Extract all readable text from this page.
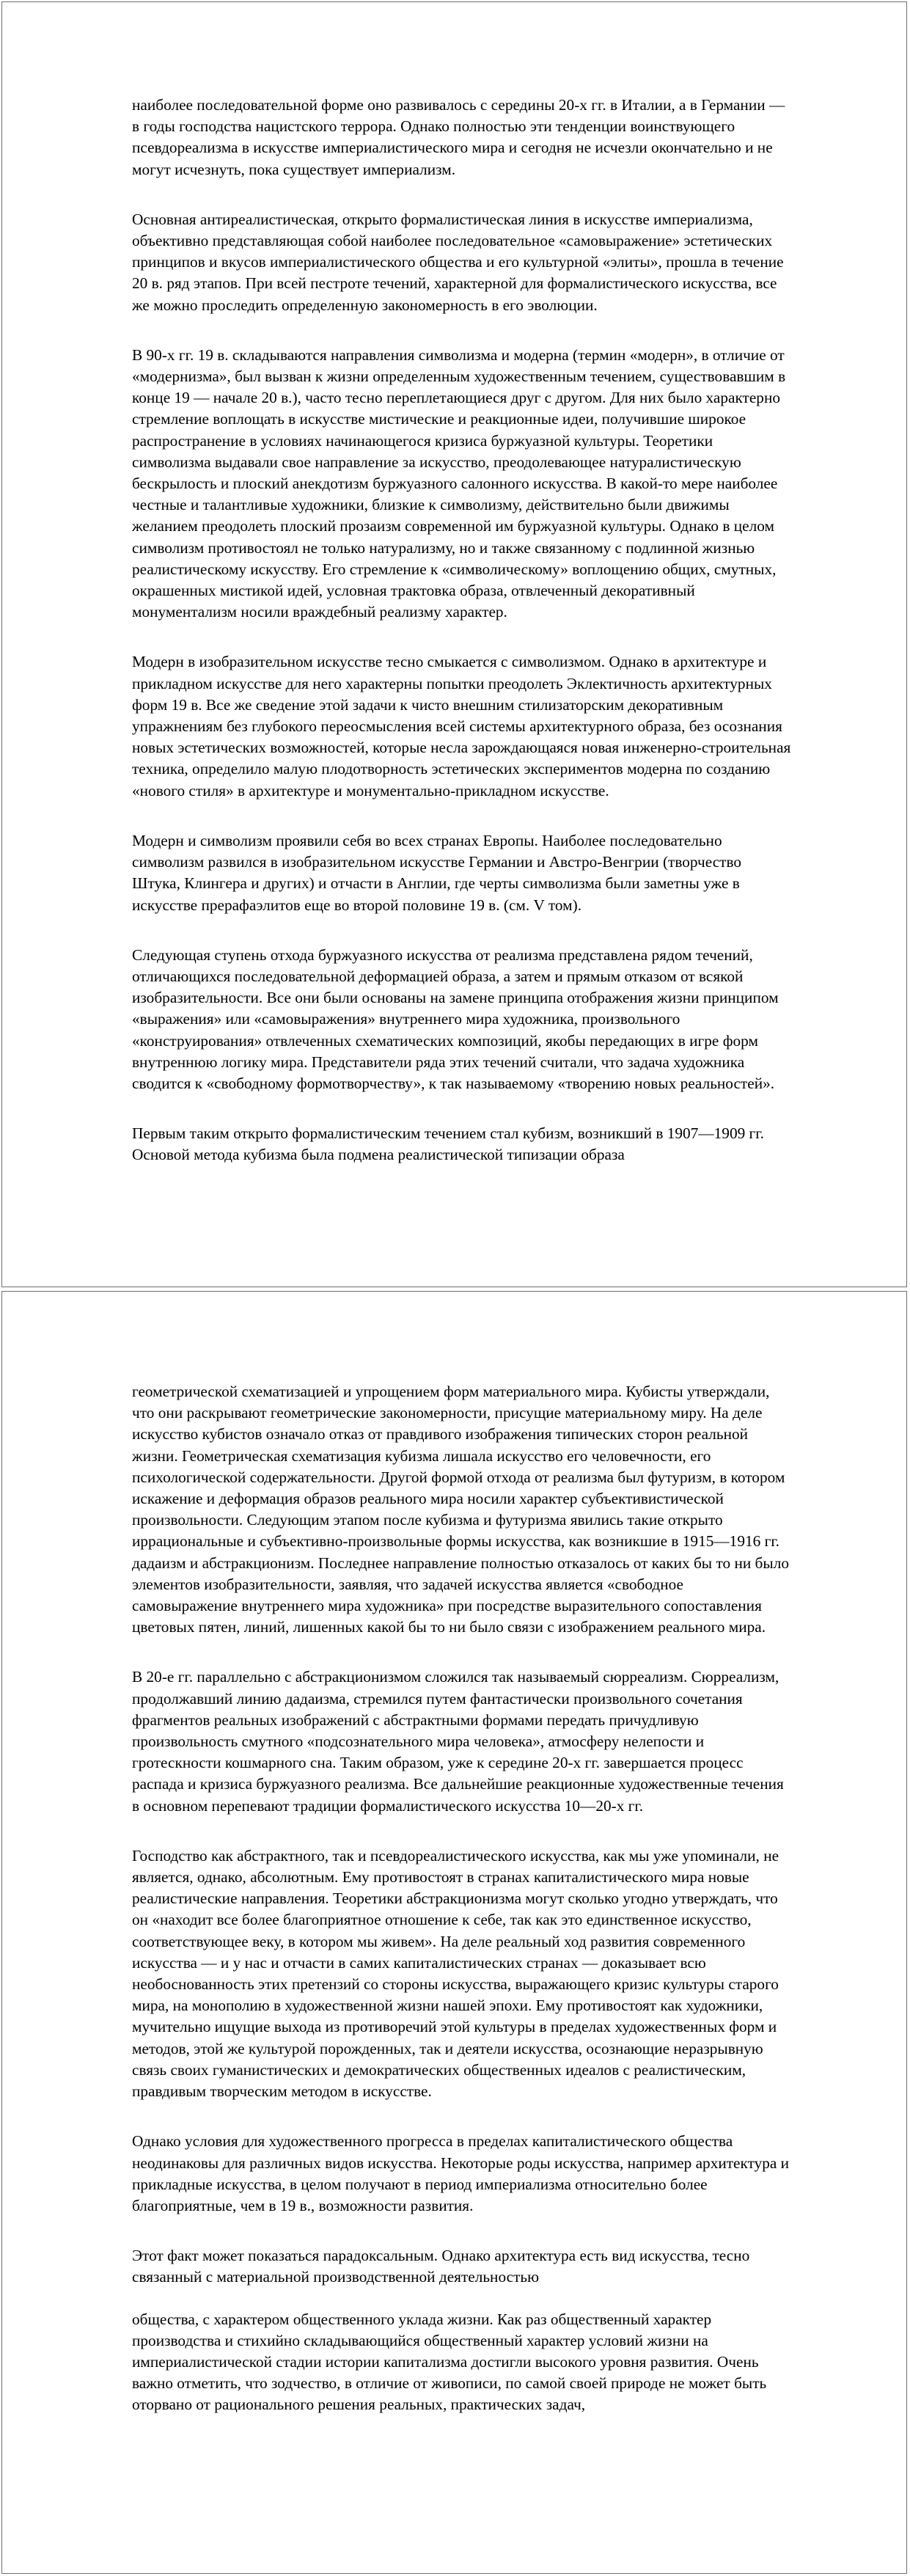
наиболее последовательной форме оно развивалось с середины 20-х гг. в Италии, а в Германии — в годы господства нацистского террора. Однако полностью эти тенденции воинствующего псевдореализма в искусстве империалистического мира и сегодня не исчезли окончательно и не могут исчезнуть, пока существует империализм.

Основная антиреалистическая, открыто формалистическая линия в искусстве империализма, объективно представляющая собой наиболее последовательное «самовыражение» эстетических принципов и вкусов империалистического общества и его культурной «элиты», прошла в течение 20 в. ряд этапов. При всей пестроте течений, характерной для формалистического искусства, все же можно проследить определенную закономерность в его эволюции.

В 90-х гг. 19 в. складываются направления символизма и модерна (термин «модерн», в отличие от «модернизма», был вызван к жизни определенным художественным течением, существовавшим в конце 19 — начале 20 в.), часто тесно переплетающиеся друг с другом. Для них было характерно стремление воплощать в искусстве мистические и реакционные идеи, получившие широкое распространение в условиях начинающегося кризиса буржуазной культуры. Теоретики символизма выдавали свое направление за искусство, преодолевающее натуралистическую бескрылость и плоский анекдотизм буржуазного салонного искусства. В какой-то мере наиболее честные и талантливые художники, близкие к символизму, действительно были движимы желанием преодолеть плоский прозаизм современной им буржуазной культуры. Однако в целом символизм противостоял не только натурализму, но и также связанному с подлинной жизнью реалистическому искусству. Его стремление к «символическому» воплощению общих, смутных, окрашенных мистикой идей, условная трактовка образа, отвлеченный декоративный монументализм носили враждебный реализму характер.

Модерн в изобразительном искусстве тесно смыкается с символизмом. Однако в архитектуре и прикладном искусстве для него характерны попытки преодолеть Эклектичность архитектурных форм 19 в. Все же сведение этой задачи к чисто внешним стилизаторским декоративным упражнениям без глубокого переосмысления всей системы архитектурного образа, без осознания новых эстетических возможностей, которые несла зарождающаяся новая инженерно-строительная техника, определило малую плодотворность эстетических экспериментов модерна по созданию «нового стиля» в архитектуре и монументально-прикладном искусстве.

Модерн и символизм проявили себя во всех странах Европы. Наиболее последовательно символизм развился в изобразительном искусстве Германии и Австро-Венгрии (творчество Штука, Клингера и других) и отчасти в Англии, где черты символизма были заметны уже в искусстве прерафаэлитов еще во второй половине 19 в. (см. V том).

Следующая ступень отхода буржуазного искусства от реализма представлена рядом течений, отличающихся последовательной деформацией образа, а затем и прямым отказом от всякой изобразительности. Все они были основаны на замене принципа отображения жизни принципом «выражения» или «самовыражения» внутреннего мира художника, произвольного «конструирования» отвлеченных схематических композиций, якобы передающих в игре форм внутреннюю логику мира. Представители ряда этих течений считали, что задача художника сводится к «свободному формотворчеству», к так называемому «творению новых реальностей».

Первым таким открыто формалистическим течением стал кубизм, возникший в 1907—1909 гг. Основой метода кубизма была подмена реалистической типизации образа

геометрической схематизацией и упрощением форм материального мира. Кубисты утверждали, что они раскрывают геометрические закономерности, присущие материальному миру. На деле искусство кубистов означало отказ от правдивого изображения типических сторон реальной жизни. Геометрическая схематизация кубизма лишала искусство его человечности, его психологической содержательности. Другой формой отхода от реализма был футуризм, в котором искажение и деформация образов реального мира носили характер субъективистической произвольности. Следующим этапом после кубизма и футуризма явились такие открыто иррациональные и субъективно-произвольные формы искусства, как возникшие в 1915—1916 гг. дадаизм и абстракционизм. Последнее направление полностью отказалось от каких бы то ни было элементов изобразительности, заявляя, что задачей искусства является «свободное самовыражение внутреннего мира художника» при посредстве выразительного сопоставления цветовых пятен, линий, лишенных какой бы то ни было связи с изображением реального мира.

В 20-е гг. параллельно с абстракционизмом сложился так называемый сюрреализм. Сюрреализм, продолжавший линию дадаизма, стремился путем фантастически произвольного сочетания фрагментов реальных изображений с абстрактными формами передать причудливую произвольность смутного «подсознательного мира человека», атмосферу нелепости и гротескности кошмарного сна. Таким образом, уже к середине 20-х гг. завершается процесс распада и кризиса буржуазного реализма. Все дальнейшие реакционные художественные течения в основном перепевают традиции формалистического искусства 10—20-х гг.

Господство как абстрактного, так и псевдореалистического искусства, как мы уже упоминали, не является, однако, абсолютным. Ему противостоят в странах капиталистического мира новые реалистические направления. Теоретики абстракционизма могут сколько угодно утверждать, что он «находит все более благоприятное отношение к себе, так как это единственное искусство, соответствующее веку, в котором мы живем». На деле реальный ход развития современного искусства — и у нас и отчасти в самих капиталистических странах — доказывает всю необоснованность этих претензий со стороны искусства, выражающего кризис культуры старого мира, на монополию в художественной жизни нашей эпохи. Ему противостоят как художники, мучительно ищущие выхода из противоречий этой культуры в пределах художественных форм и методов, этой же культурой порожденных, так и деятели искусства, осознающие неразрывную связь своих гуманистических и демократических общественных идеалов с реалистическим, правдивым творческим методом в искусстве.

Однако условия для художественного прогресса в пределах капиталистического общества неодинаковы для различных видов искусства. Некоторые роды искусства, например архитектура и прикладные искусства, в целом получают в период империализма относительно более благоприятные, чем в 19 в., возможности развития.

Этот факт может показаться парадоксальным. Однако архитектура есть вид искусства, тесно связанный с материальной производственной деятельностью

общества, с характером общественного уклада жизни. Как раз общественный характер производства и стихийно складывающийся общественный характер условий жизни на империалистической стадии истории капитализма достигли высокого уровня развития. Очень важно отметить, что зодчество, в отличие от живописи, по самой своей природе не может быть оторвано от рационального решения реальных, практических задач,
